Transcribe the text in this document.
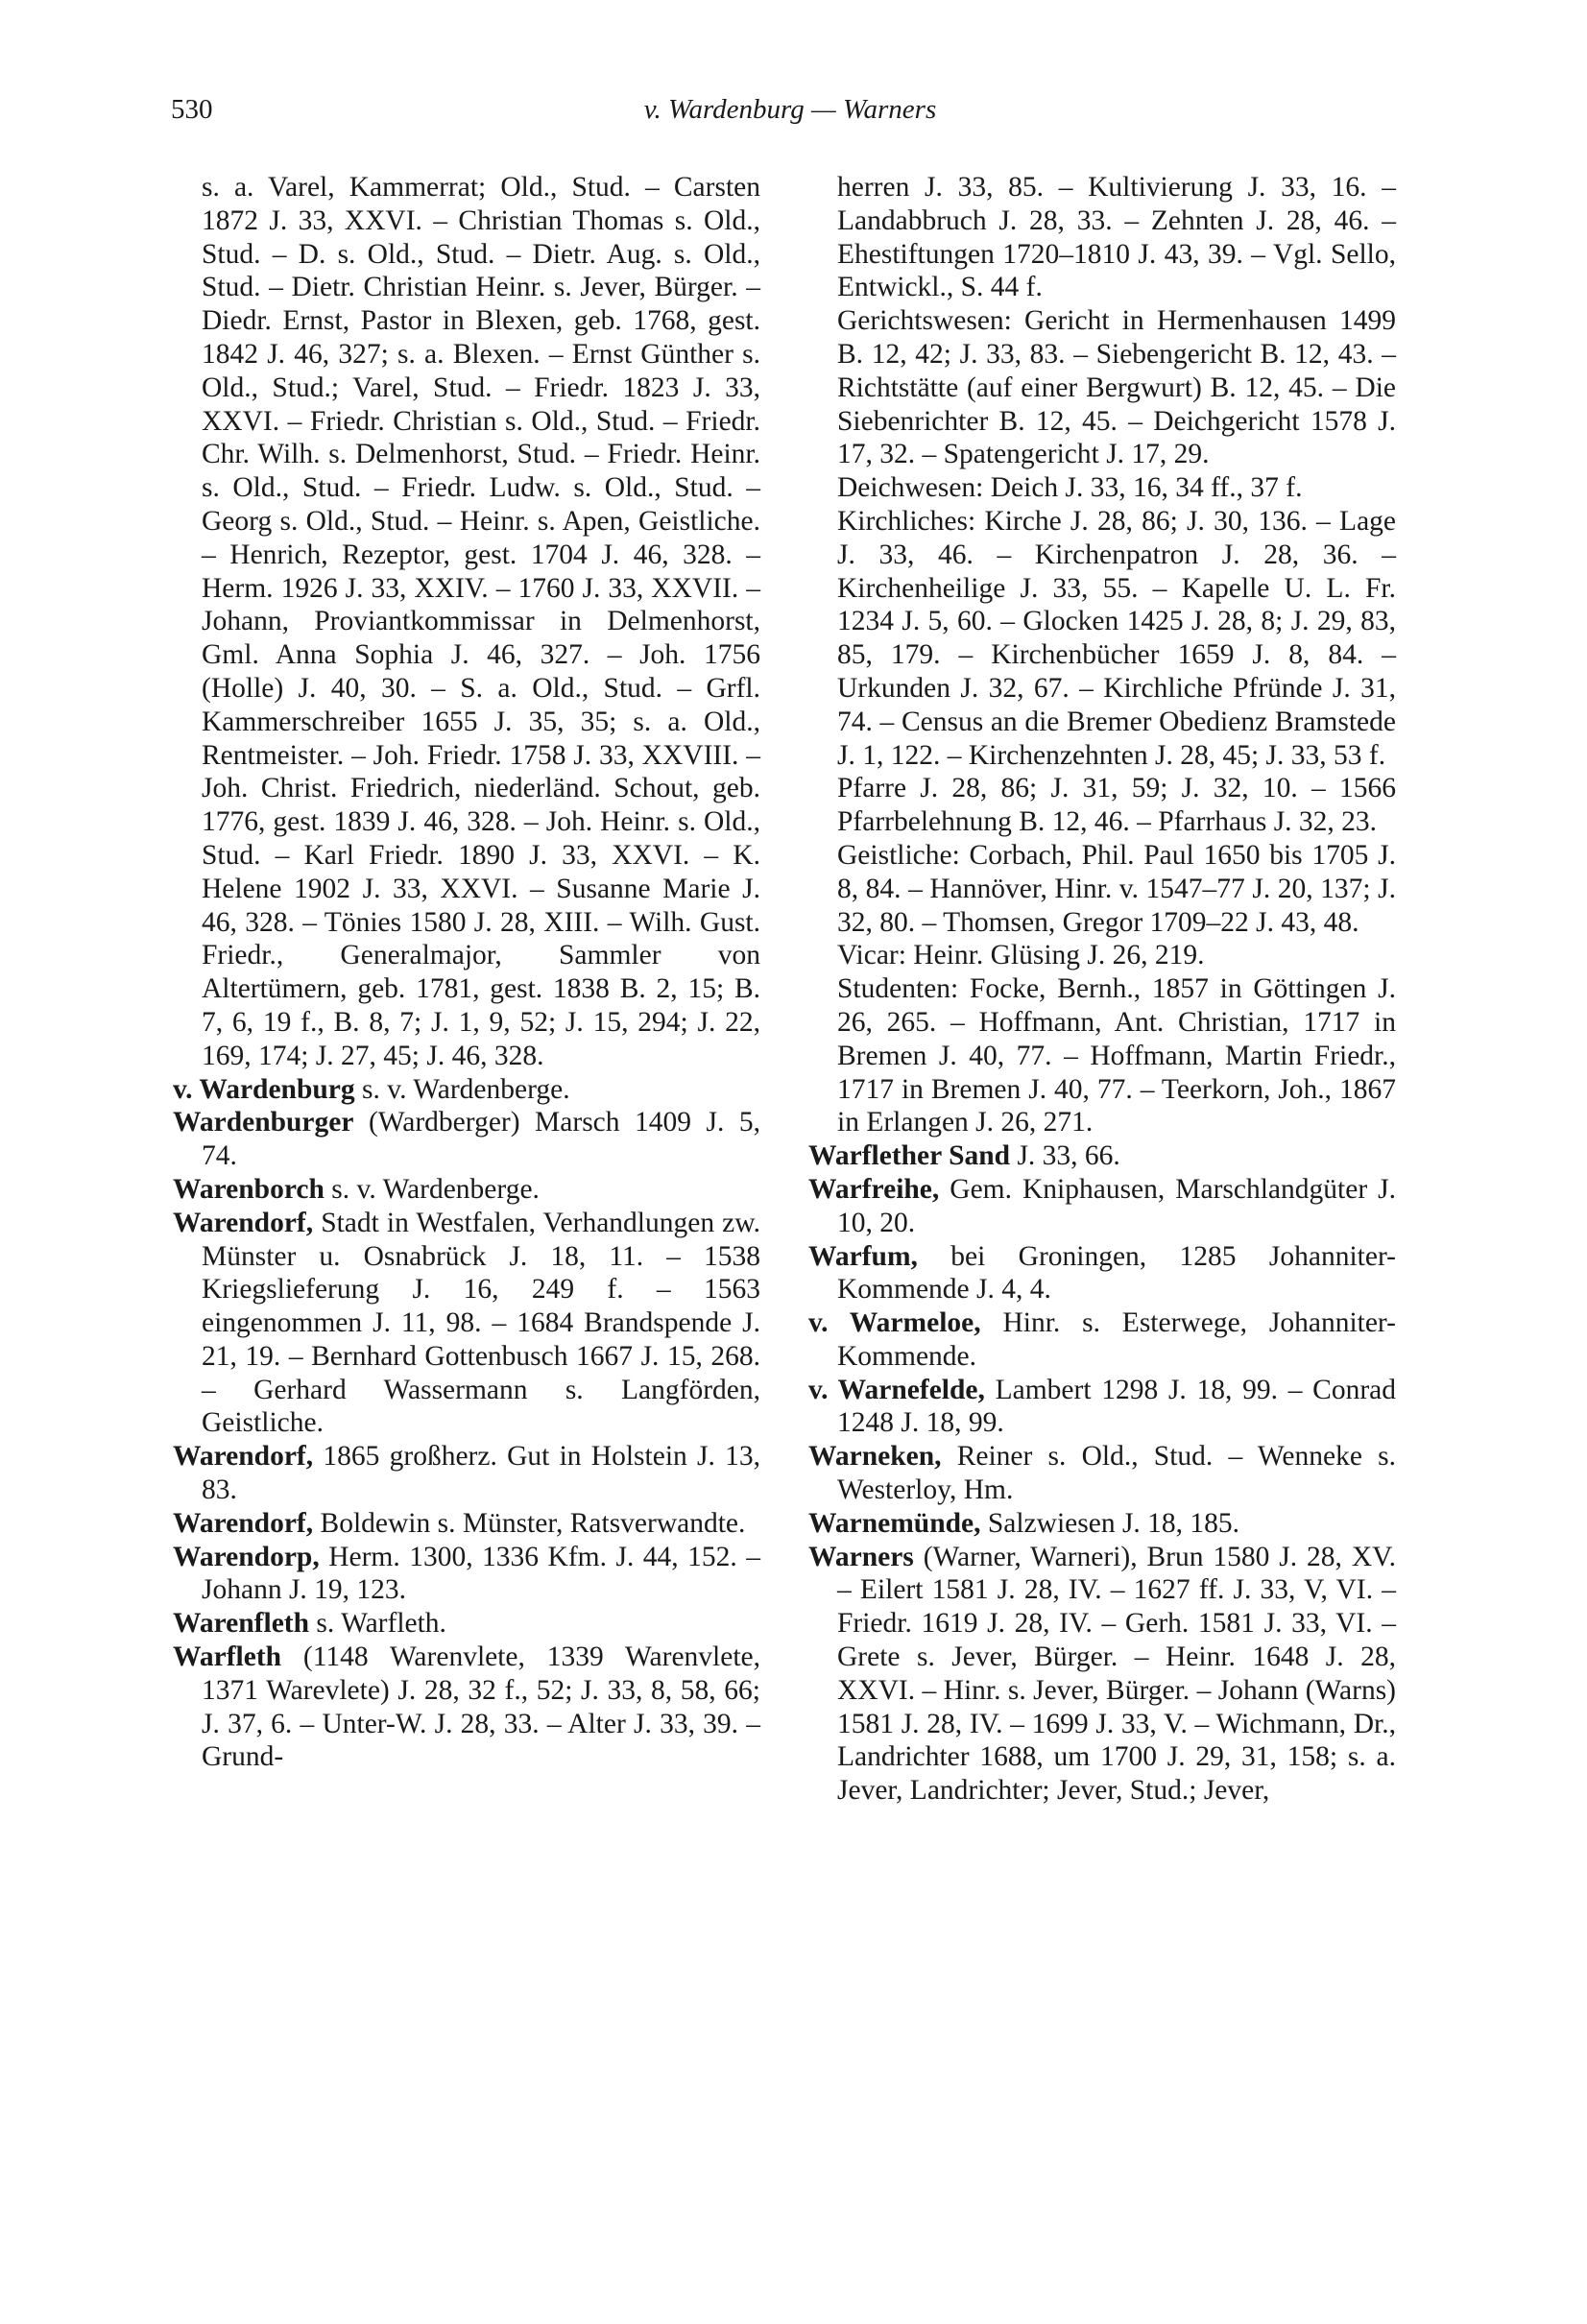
530	v. Wardenburg — Warners

s. a. Varel, Kammerrat; Old., Stud. – Carsten 1872 J. 33, XXVI. – Christian Thomas s. Old., Stud. – D. s. Old., Stud. – Dietr. Aug. s. Old., Stud. – Dietr. Christian Heinr. s. Jever, Bürger. – Diedr. Ernst, Pastor in Blexen, geb. 1768, gest. 1842 J. 46, 327; s. a. Blexen. – Ernst Günther s. Old., Stud.; Varel, Stud. – Friedr. 1823 J. 33, XXVI. – Friedr. Christian s. Old., Stud. – Friedr. Chr. Wilh. s. Delmenhorst, Stud. – Friedr. Heinr. s. Old., Stud. – Friedr. Ludw. s. Old., Stud. – Georg s. Old., Stud. – Heinr. s. Apen, Geistliche. – Henrich, Rezeptor, gest. 1704 J. 46, 328. – Herm. 1926 J. 33, XXIV. – 1760 J. 33, XXVII. – Johann, Proviantkommissar in Delmenhorst, Gml. Anna Sophia J. 46, 327. – Joh. 1756 (Holle) J. 40, 30. – S. a. Old., Stud. – Grfl. Kammerschreiber 1655 J. 35, 35; s. a. Old., Rentmeister. – Joh. Friedr. 1758 J. 33, XXVIII. – Joh. Christ. Friedrich, niederländ. Schout, geb. 1776, gest. 1839 J. 46, 328. – Joh. Heinr. s. Old., Stud. – Karl Friedr. 1890 J. 33, XXVI. – K. Helene 1902 J. 33, XXVI. – Susanne Marie J. 46, 328. – Tönies 1580 J. 28, XIII. – Wilh. Gust. Friedr., Generalmajor, Sammler von Altertümern, geb. 1781, gest. 1838 B. 2, 15; B. 7, 6, 19 f., B. 8, 7; J. 1, 9, 52; J. 15, 294; J. 22, 169, 174; J. 27, 45; J. 46, 328.

v. Wardenburg s. v. Wardenberge.

Wardenburger (Wardberger) Marsch 1409 J. 5, 74.

Warenborch s. v. Wardenberge.

Warendorf, Stadt in Westfalen, Verhandlungen zw. Münster u. Osnabrück J. 18, 11. – 1538 Kriegslieferung J. 16, 249 f. – 1563 eingenommen J. 11, 98. – 1684 Brandspende J. 21, 19. – Bernhard Gottenbusch 1667 J. 15, 268. – Gerhard Wassermann s. Langförden, Geistliche.

Warendorf, 1865 großherz. Gut in Holstein J. 13, 83.

Warendorf, Boldewin s. Münster, Ratsverwandte.

Warendorp, Herm. 1300, 1336 Kfm. J. 44, 152. – Johann J. 19, 123.

Warenfleth s. Warfleth.

Warfleth (1148 Warenvlete, 1339 Warenvlete, 1371 Warevlete) J. 28, 32 f., 52; J. 33, 8, 58, 66; J. 37, 6. – Unter-W. J. 28, 33. – Alter J. 33, 39. – Grund-

herren J. 33, 85. – Kultivierung J. 33, 16. – Landabbruch J. 28, 33. – Zehnten J. 28, 46. – Ehestiftungen 1720–1810 J. 43, 39. – Vgl. Sello, Entwickl., S. 44 f.

Gerichtswesen: Gericht in Hermenhausen 1499 B. 12, 42; J. 33, 83. – Siebengericht B. 12, 43. – Richtstätte (auf einer Bergwurt) B. 12, 45. – Die Siebenrichter B. 12, 45. – Deichgericht 1578 J. 17, 32. – Spatengericht J. 17, 29.

Deichwesen: Deich J. 33, 16, 34 ff., 37 f.

Kirchliches: Kirche J. 28, 86; J. 30, 136. – Lage J. 33, 46. – Kirchenpatron J. 28, 36. – Kirchenheilige J. 33, 55. – Kapelle U. L. Fr. 1234 J. 5, 60. – Glocken 1425 J. 28, 8; J. 29, 83, 85, 179. – Kirchenbücher 1659 J. 8, 84. – Urkunden J. 32, 67. – Kirchliche Pfründe J. 31, 74. – Census an die Bremer Obedienz Bramstede J. 1, 122. – Kirchenzehnten J. 28, 45; J. 33, 53 f.

Pfarre J. 28, 86; J. 31, 59; J. 32, 10. – 1566 Pfarrbelehnung B. 12, 46. – Pfarrhaus J. 32, 23.

Geistliche: Corbach, Phil. Paul 1650 bis 1705 J. 8, 84. – Hannöver, Hinr. v. 1547–77 J. 20, 137; J. 32, 80. – Thomsen, Gregor 1709–22 J. 43, 48.

Vicar: Heinr. Glüsing J. 26, 219.

Studenten: Focke, Bernh., 1857 in Göttingen J. 26, 265. – Hoffmann, Ant. Christian, 1717 in Bremen J. 40, 77. – Hoffmann, Martin Friedr., 1717 in Bremen J. 40, 77. – Teerkorn, Joh., 1867 in Erlangen J. 26, 271.

Warflether Sand J. 33, 66.

Warfreihe, Gem. Kniphausen, Marschlandgüter J. 10, 20.

Warfum, bei Groningen, 1285 Johanniter-Kommende J. 4, 4.

v. Warmeloe, Hinr. s. Esterwege, Johanniter-Kommende.

v. Warnefelde, Lambert 1298 J. 18, 99. – Conrad 1248 J. 18, 99.

Warneken, Reiner s. Old., Stud. – Wenneke s. Westerloy, Hm.

Warnemünde, Salzwiesen J. 18, 185.

Warners (Warner, Warneri), Brun 1580 J. 28, XV. – Eilert 1581 J. 28, IV. – 1627 ff. J. 33, V, VI. – Friedr. 1619 J. 28, IV. – Gerh. 1581 J. 33, VI. – Grete s. Jever, Bürger. – Heinr. 1648 J. 28, XXVI. – Hinr. s. Jever, Bürger. – Johann (Warns) 1581 J. 28, IV. – 1699 J. 33, V. – Wichmann, Dr., Landrichter 1688, um 1700 J. 29, 31, 158; s. a. Jever, Landrichter; Jever, Stud.; Jever,
